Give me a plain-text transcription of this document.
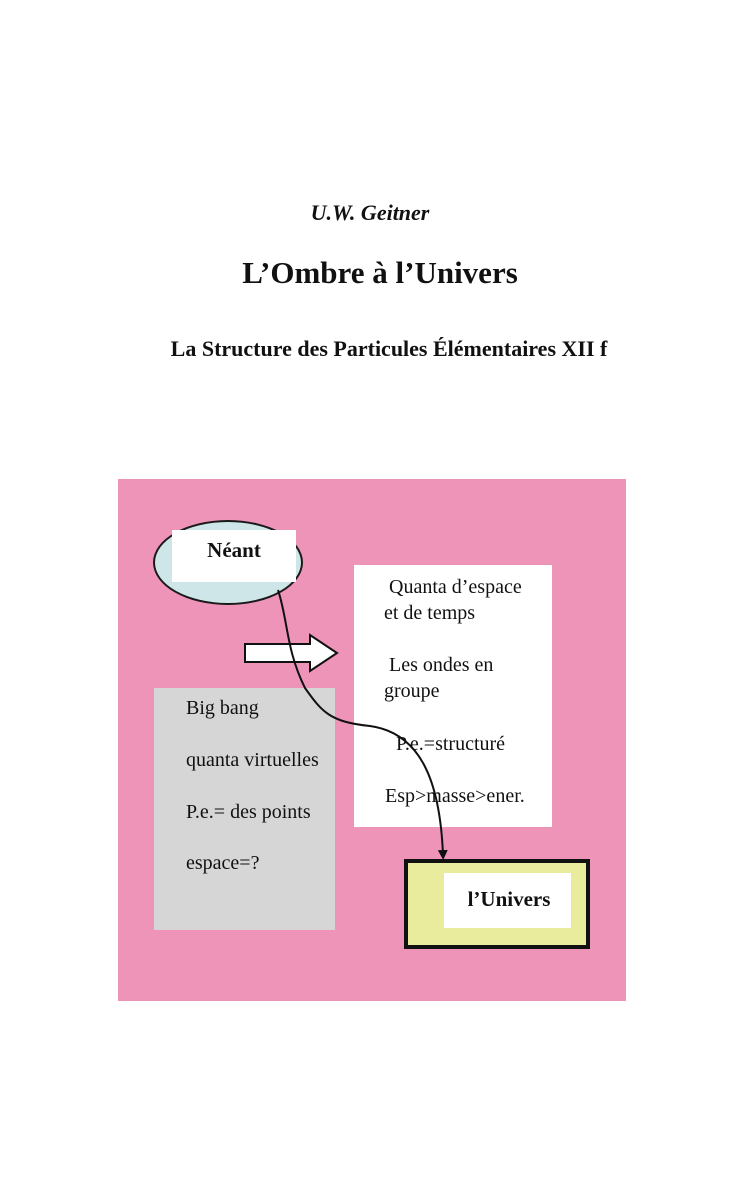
U.W. Geitner
L’Ombre à l’Univers
La Structure des Particules Élémentaires XII f
Néant
Quanta d’espace
et de temps
Les ondes en
groupe
P.e.=structuré
Esp>masse>ener.
Big bang
quanta virtuelles
P.e.= des points
espace=?
l’Univers
